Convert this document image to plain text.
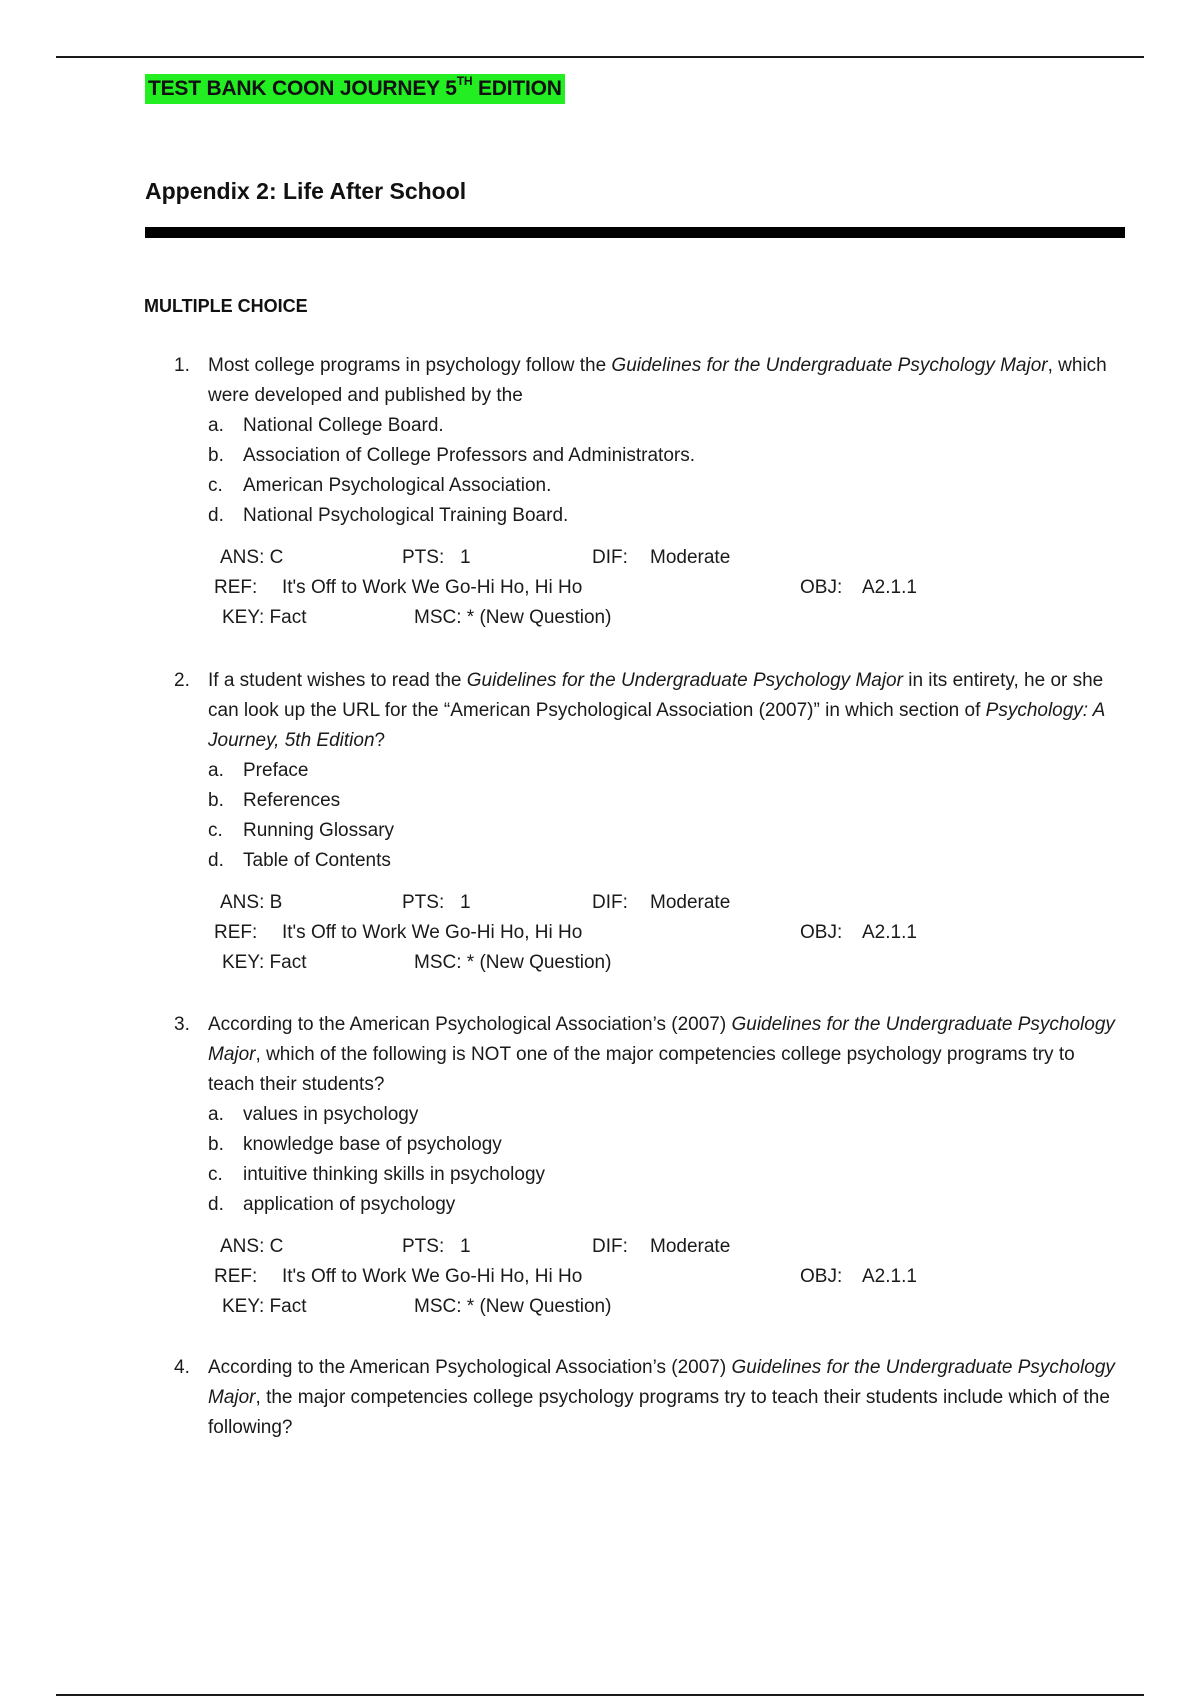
TEST BANK COON JOURNEY 5TH EDITION
Appendix 2: Life After School
MULTIPLE CHOICE
1. Most college programs in psychology follow the Guidelines for the Undergraduate Psychology Major, which were developed and published by the
a. National College Board.
b. Association of College Professors and Administrators.
c. American Psychological Association.
d. National Psychological Training Board.
ANS: C	PTS: 1	DIF: Moderate
REF: It's Off to Work We Go-Hi Ho, Hi Ho	OBJ: A2.1.1
KEY: Fact	MSC: * (New Question)
2. If a student wishes to read the Guidelines for the Undergraduate Psychology Major in its entirety, he or she can look up the URL for the “American Psychological Association (2007)” in which section of Psychology: A Journey, 5th Edition?
a. Preface
b. References
c. Running Glossary
d. Table of Contents
ANS: B	PTS: 1	DIF: Moderate
REF: It's Off to Work We Go-Hi Ho, Hi Ho	OBJ: A2.1.1
KEY: Fact	MSC: * (New Question)
3. According to the American Psychological Association’s (2007) Guidelines for the Undergraduate Psychology Major, which of the following is NOT one of the major competencies college psychology programs try to teach their students?
a. values in psychology
b. knowledge base of psychology
c. intuitive thinking skills in psychology
d. application of psychology
ANS: C	PTS: 1	DIF: Moderate
REF: It's Off to Work We Go-Hi Ho, Hi Ho	OBJ: A2.1.1
KEY: Fact	MSC: * (New Question)
4. According to the American Psychological Association’s (2007) Guidelines for the Undergraduate Psychology Major, the major competencies college psychology programs try to teach their students include which of the following?
